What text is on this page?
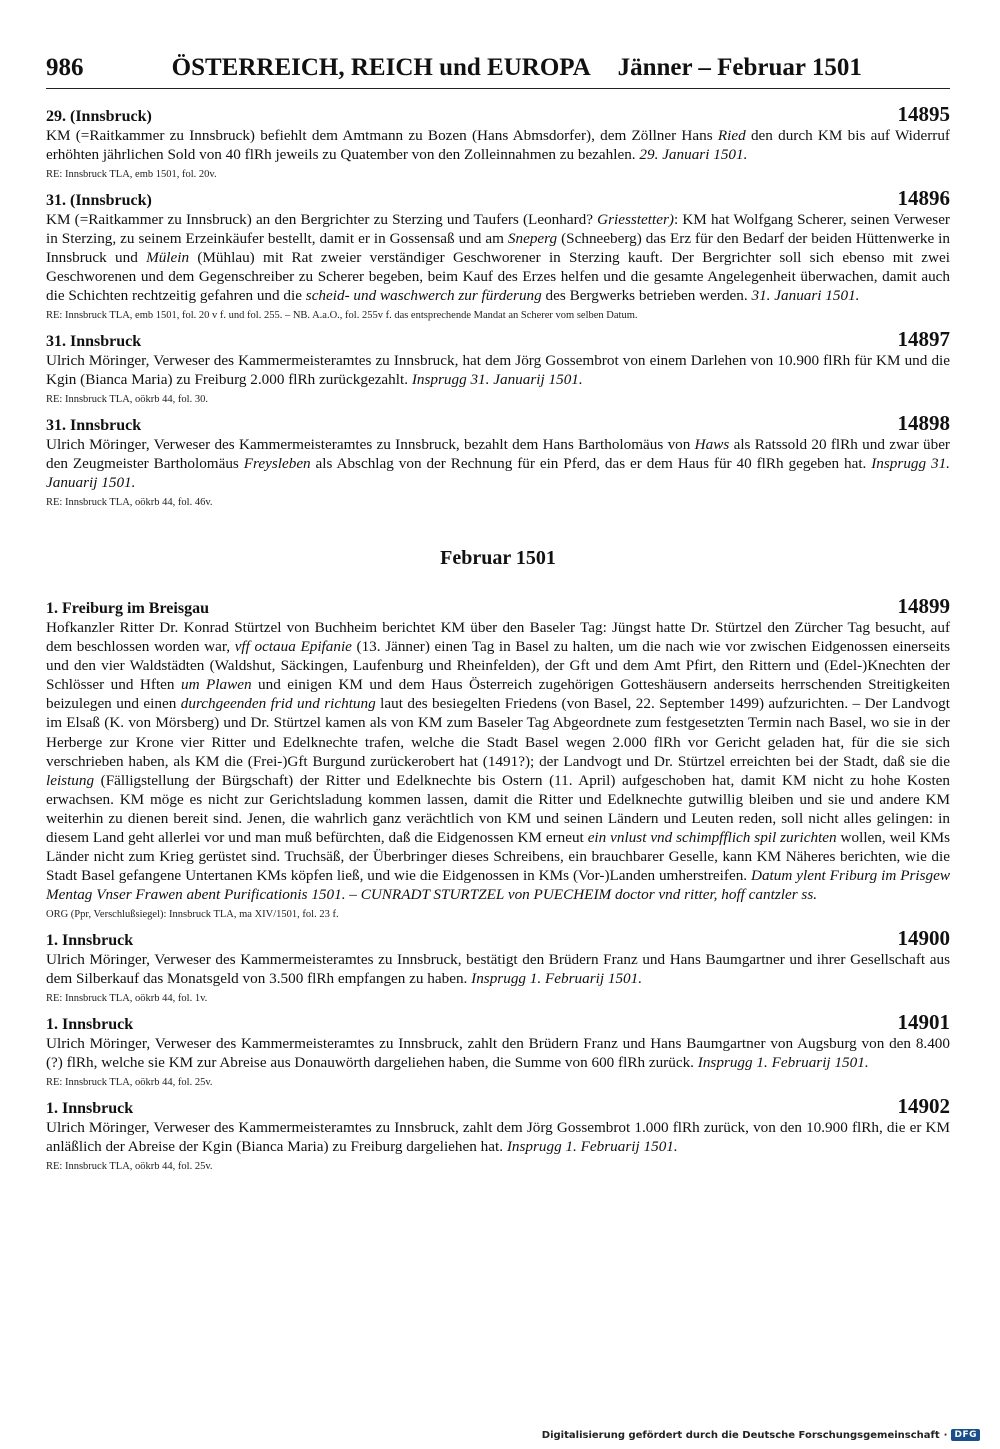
986	ÖSTERREICH, REICH und EUROPA Jänner – Februar 1501
29. (Innsbruck)	14895

KM (=Raitkammer zu Innsbruck) befiehlt dem Amtmann zu Bozen (Hans Abmsdorfer), dem Zöllner Hans Ried den durch KM bis auf Widerruf erhöhten jährlichen Sold von 40 flRh jeweils zu Quatember von den Zolleinnahmen zu bezahlen. 29. Januari 1501.

RE: Innsbruck TLA, emb 1501, fol. 20v.
31. (Innsbruck)	14896

KM (=Raitkammer zu Innsbruck) an den Bergrichter zu Sterzing und Taufers (Leonhard? Griesstetter): KM hat Wolfgang Scherer, seinen Verweser in Sterzing, zu seinem Erzeinkäufer bestellt, damit er in Gossensaß und am Sneperg (Schneeberg) das Erz für den Bedarf der beiden Hüttenwerke in Innsbruck und Mülein (Mühlau) mit Rat zweier verständiger Geschworener in Sterzing kauft. Der Bergrichter soll sich ebenso mit zwei Geschworenen und dem Gegenschreiber zu Scherer begeben, beim Kauf des Erzes helfen und die gesamte Angelegenheit überwachen, damit auch die Schichten rechtzeitig gefahren und die scheid- und waschwerch zur fürderung des Bergwerks betrieben werden. 31. Januari 1501.

RE: Innsbruck TLA, emb 1501, fol. 20 v f. und fol. 255. – NB. A.a.O., fol. 255v f. das entsprechende Mandat an Scherer vom selben Datum.
31. Innsbruck	14897

Ulrich Möringer, Verweser des Kammermeisteramtes zu Innsbruck, hat dem Jörg Gossembrot von einem Darlehen von 10.900 flRh für KM und die Kgin (Bianca Maria) zu Freiburg 2.000 flRh zurückgezahlt. Insprugg 31. Januarij 1501.

RE: Innsbruck TLA, oökrb 44, fol. 30.
31. Innsbruck	14898

Ulrich Möringer, Verweser des Kammermeisteramtes zu Innsbruck, bezahlt dem Hans Bartholomäus von Haws als Ratssold 20 flRh und zwar über den Zeugmeister Bartholomäus Freysleben als Abschlag von der Rechnung für ein Pferd, das er dem Haus für 40 flRh gegeben hat. Insprugg 31. Januarij 1501.

RE: Innsbruck TLA, oökrb 44, fol. 46v.
Februar 1501
1. Freiburg im Breisgau	14899

Hofkanzler Ritter Dr. Konrad Stürtzel von Buchheim berichtet KM über den Baseler Tag: Jüngst hatte Dr. Stürtzel den Zürcher Tag besucht, auf dem beschlossen worden war, vff octaua Epifanie (13. Jänner) einen Tag in Basel zu halten, um die nach wie vor zwischen Eidgenossen einerseits und den vier Waldstädten (Waldshut, Säckingen, Laufenburg und Rheinfelden), der Gft und dem Amt Pfirt, den Rittern und (Edel-)Knechten der Schlösser und Hften um Plawen und einigen KM und dem Haus Österreich zugehörigen Gotteshäusern anderseits herrschenden Streitigkeiten beizulegen und einen durchgeenden frid und richtung laut des besiegelten Friedens (von Basel, 22. September 1499) aufzurichten. – Der Landvogt im Elsaß (K. von Mörsberg) und Dr. Stürtzel kamen als von KM zum Baseler Tag Abgeordnete zum festgesetzten Termin nach Basel, wo sie in der Herberge zur Krone vier Ritter und Edelknechte trafen, welche die Stadt Basel wegen 2.000 flRh vor Gericht geladen hat, für die sie sich verschrieben haben, als KM die (Frei-)Gft Burgund zurückerobert hat (1491?); der Landvogt und Dr. Stürtzel erreichten bei der Stadt, daß sie die leistung (Fälligstellung der Bürgschaft) der Ritter und Edelknechte bis Ostern (11. April) aufgeschoben hat, damit KM nicht zu hohe Kosten erwachsen. KM möge es nicht zur Gerichtsladung kommen lassen, damit die Ritter und Edelknechte gutwillig bleiben und sie und andere KM weiterhin zu dienen bereit sind. Jenen, die wahrlich ganz verächtlich von KM und seinen Ländern und Leuten reden, soll nicht alles gelingen: in diesem Land geht allerlei vor und man muß befürchten, daß die Eidgenossen KM erneut ein vnlust vnd schimpfflich spil zurichten wollen, weil KMs Länder nicht zum Krieg gerüstet sind. Truchsäß, der Überbringer dieses Schreibens, ein brauchbarer Geselle, kann KM Näheres berichten, wie die Stadt Basel gefangene Untertanen KMs köpfen ließ, und wie die Eidgenossen in KMs (Vor-)Landen umherstreifen. Datum ylent Friburg im Prisgew Mentag Vnser Frawen abent Purificationis 1501. – CUNRADT STURTZEL von PUECHEIM doctor vnd ritter, hoff cantzler ss.

ORG (Ppr, Verschlußsiegel): Innsbruck TLA, ma XIV/1501, fol. 23 f.
1. Innsbruck	14900

Ulrich Möringer, Verweser des Kammermeisteramtes zu Innsbruck, bestätigt den Brüdern Franz und Hans Baumgartner und ihrer Gesellschaft aus dem Silberkauf das Monatsgeld von 3.500 flRh empfangen zu haben. Insprugg 1. Februarij 1501.

RE: Innsbruck TLA, oökrb 44, fol. 1v.
1. Innsbruck	14901

Ulrich Möringer, Verweser des Kammermeisteramtes zu Innsbruck, zahlt den Brüdern Franz und Hans Baumgartner von Augsburg von den 8.400 (?) flRh, welche sie KM zur Abreise aus Donauwörth dargeliehen haben, die Summe von 600 flRh zurück. Insprugg 1. Februarij 1501.

RE: Innsbruck TLA, oökrb 44, fol. 25v.
1. Innsbruck	14902

Ulrich Möringer, Verweser des Kammermeisteramtes zu Innsbruck, zahlt dem Jörg Gossembrot 1.000 flRh zurück, von den 10.900 flRh, die er KM anläßlich der Abreise der Kgin (Bianca Maria) zu Freiburg dargeliehen hat. Insprugg 1. Februarij 1501.

RE: Innsbruck TLA, oökrb 44, fol. 25v.
Digitalisierung gefördert durch die Deutsche Forschungsgemeinschaft · DFG
